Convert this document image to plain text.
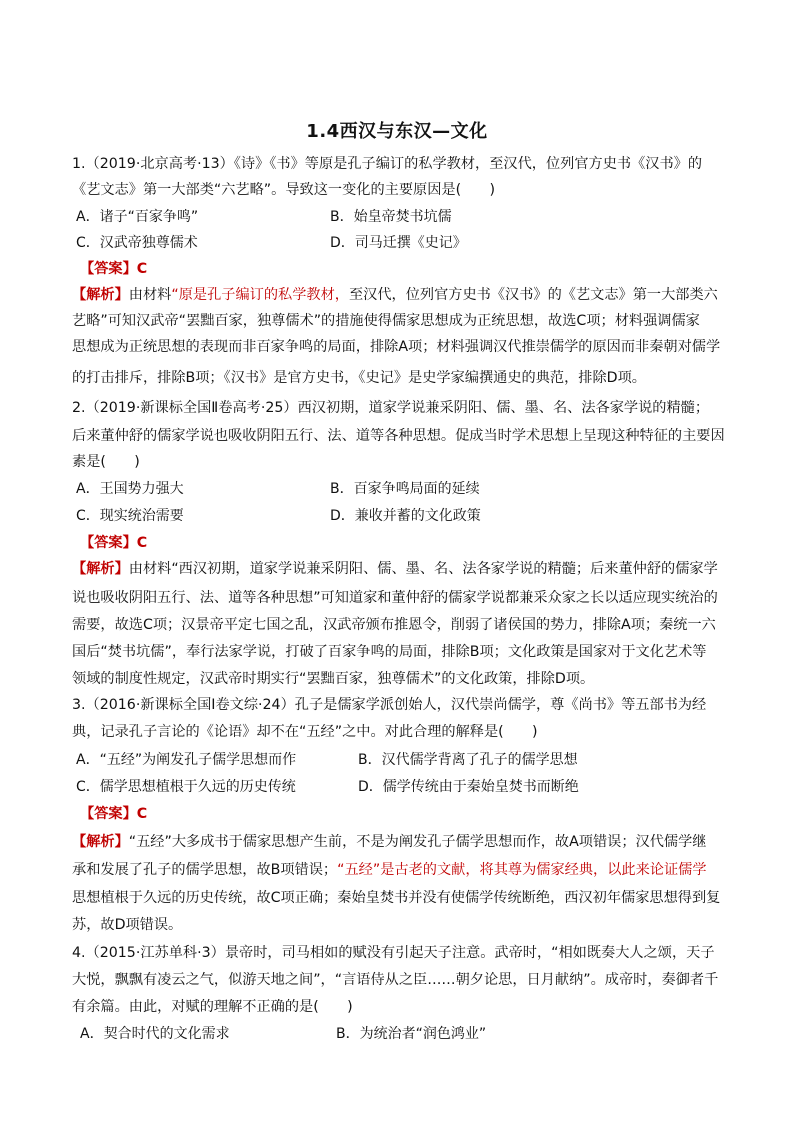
1.4西汉与东汉—文化
1.（2019·北京高考·13）《诗》《书》等原是孔子编订的私学教材，至汉代，位列官方史书《汉书》的
《艺文志》第一大部类“六艺略”。导致这一变化的主要原因是(　　)
A．诸子“百家争鸣”	B．始皇帝焚书坑儒
C．汉武帝独尊儒术	D．司马迁撰《史记》
【答案】C
【解析】由材料“原是孔子编订的私学教材，至汉代，位列官方史书《汉书》的《艺文志》第一大部类六
艺略”可知汉武帝“罢黜百家，独尊儒术”的措施使得儒家思想成为正统思想，故选C项；材料强调儒家
思想成为正统思想的表现而非百家争鸣的局面，排除A项；材料强调汉代推崇儒学的原因而非秦朝对儒学
的打击排斥，排除B项；《汉书》是官方史书，《史记》是史学家编撰通史的典范，排除D项。
2.（2019·新课标全国Ⅱ卷高考·25）西汉初期，道家学说兼采阴阳、儒、墨、名、法各家学说的精髓；
后来董仲舒的儒家学说也吸收阴阳五行、法、道等各种思想。促成当时学术思想上呈现这种特征的主要因
素是(　　)
A．王国势力强大	B．百家争鸣局面的延续
C．现实统治需要	D．兼收并蓄的文化政策
【答案】C
【解析】由材料“西汉初期，道家学说兼采阴阳、儒、墨、名、法各家学说的精髓；后来董仲舒的儒家学
说也吸收阴阳五行、法、道等各种思想”可知道家和董仲舒的儒家学说都兼采众家之长以适应现实统治的
需要，故选C项；汉景帝平定七国之乱，汉武帝颁布推恩令，削弱了诸侯国的势力，排除A项；秦统一六
国后“焚书坑儒”，奉行法家学说，打破了百家争鸣的局面，排除B项；文化政策是国家对于文化艺术等
领域的制度性规定，汉武帝时期实行“罢黜百家，独尊儒术”的文化政策，排除D项。
3.（2016·新课标全国Ⅰ卷文综·24）孔子是儒家学派创始人，汉代崇尚儒学，尊《尚书》等五部书为经
典，记录孔子言论的《论语》却不在“五经”之中。对此合理的解释是(　　)
A．“五经”为阐发孔子儒学思想而作	B．汉代儒学背离了孔子的儒学思想
C．儒学思想植根于久远的历史传统	D．儒学传统由于秦始皇焚书而断绝
【答案】C
【解析】“五经”大多成书于儒家思想产生前，不是为阐发孔子儒学思想而作，故A项错误；汉代儒学继
承和发展了孔子的儒学思想，故B项错误；“五经”是古老的文献，将其尊为儒家经典，以此来论证儒学
思想植根于久远的历史传统，故C项正确；秦始皇焚书并没有使儒学传统断绝，西汉初年儒家思想得到复
苏，故D项错误。
4.（2015·江苏单科·3）景帝时，司马相如的赋没有引起天子注意。武帝时，“相如既奏大人之颂，天子
大悦，飘飘有凌云之气，似游天地之间”，“言语侍从之臣……朝夕论思，日月献纳”。成帝时，奏御者千
有余篇。由此，对赋的理解不正确的是(　　)
A．契合时代的文化需求	B．为统治者“润色鸿业”
